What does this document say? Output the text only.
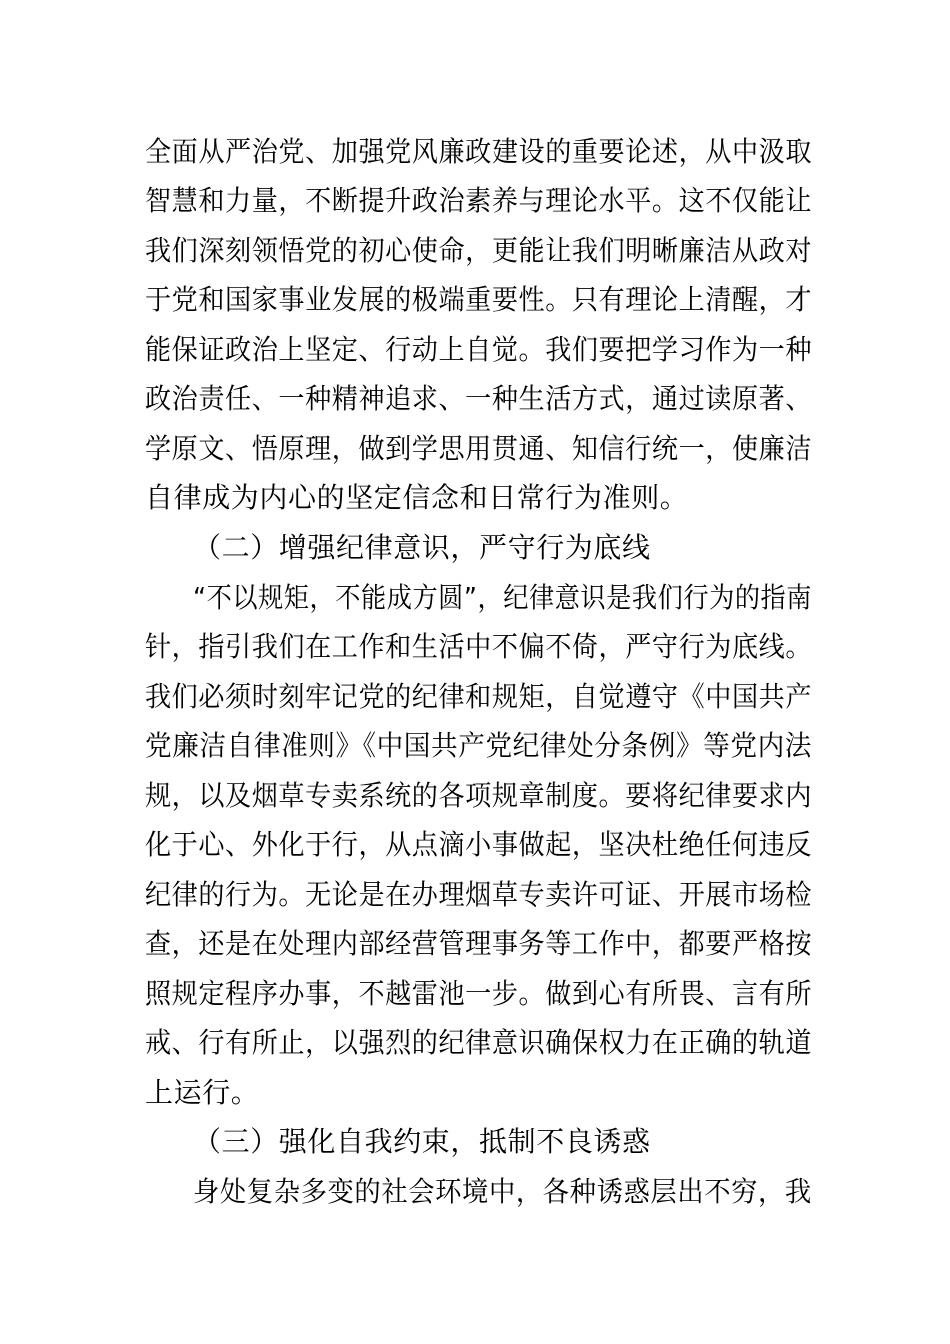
全面从严治党、加强党风廉政建设的重要论述，从中汲取
智慧和力量，不断提升政治素养与理论水平。这不仅能让
我们深刻领悟党的初心使命，更能让我们明晰廉洁从政对
于党和国家事业发展的极端重要性。只有理论上清醒，才
能保证政治上坚定、行动上自觉。我们要把学习作为一种
政治责任、一种精神追求、一种生活方式，通过读原著、
学原文、悟原理，做到学思用贯通、知信行统一，使廉洁
自律成为内心的坚定信念和日常行为准则。
（二）增强纪律意识，严守行为底线
“不以规矩，不能成方圆”，纪律意识是我们行为的指南
针，指引我们在工作和生活中不偏不倚，严守行为底线。
我们必须时刻牢记党的纪律和规矩，自觉遵守《中国共产
党廉洁自律准则》《中国共产党纪律处分条例》等党内法
规，以及烟草专卖系统的各项规章制度。要将纪律要求内
化于心、外化于行，从点滴小事做起，坚决杜绝任何违反
纪律的行为。无论是在办理烟草专卖许可证、开展市场检
查，还是在处理内部经营管理事务等工作中，都要严格按
照规定程序办事，不越雷池一步。做到心有所畏、言有所
戒、行有所止，以强烈的纪律意识确保权力在正确的轨道
上运行。
（三）强化自我约束，抵制不良诱惑
身处复杂多变的社会环境中，各种诱惑层出不穷，我
